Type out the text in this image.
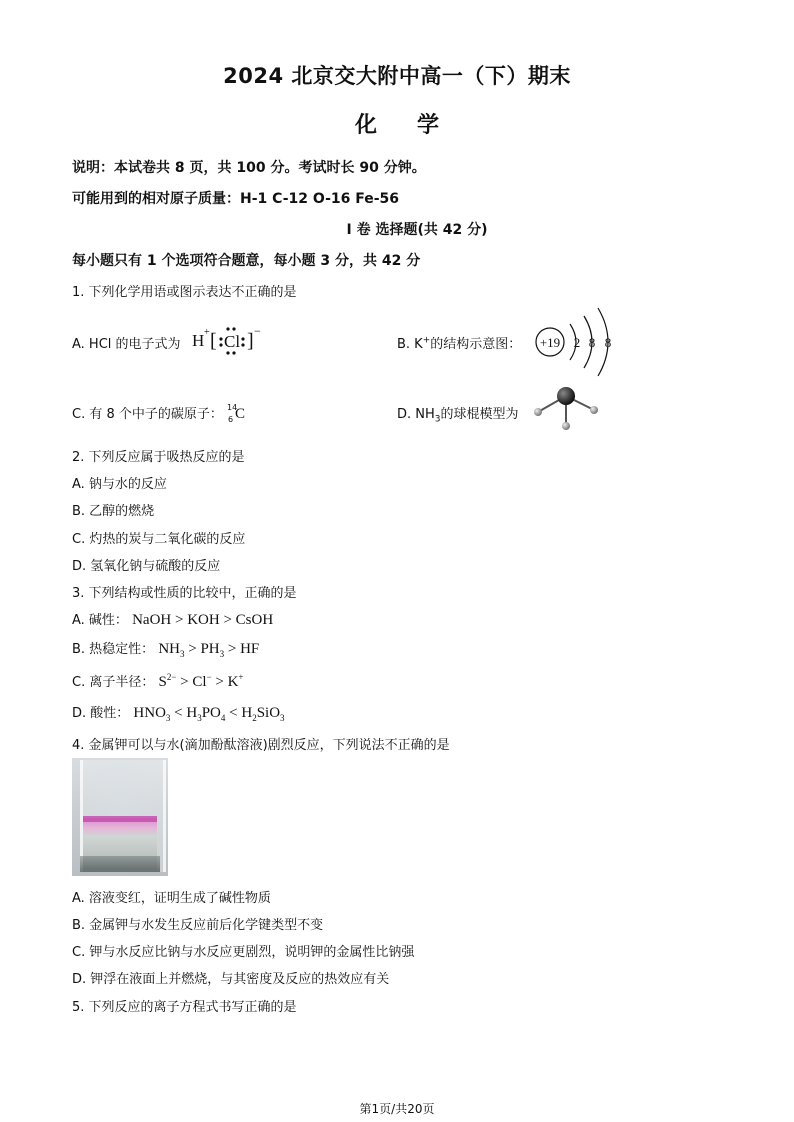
2024 北京交大附中高一（下）期末
化学
说明：本试卷共 8 页，共 100 分。考试时长 90 分钟。
可能用到的相对原子质量：H-1 C-12 O-16 Fe-56
I 卷 选择题(共 42 分)
每小题只有 1 个选项符合题意，每小题 3 分，共 42 分
1. 下列化学用语或图示表达不正确的是
A. HCl 的电子式为 H + [ Cl ] −
B. K+的结构示意图： +19 2 8 8
C. 有 8 个中子的碳原子： 14
6 C	D. $NH_3$的球棍模型为
2. 下列反应属于吸热反应的是
A. 钠与水的反应
B. 乙醇的燃烧
C. 灼热的炭与二氧化碳的反应
D. 氢氧化钠与硫酸的反应
3. 下列结构或性质的比较中，正确的是
A. 碱性： NaOH > KOH > CsOH
B. 热稳定性： $NH_3 > PH_3$ > HF
C. 离子半径： $S^{2-} > Cl^- > K^+$
D. 酸性： $HNO_3 < H_3PO_4 < H_2SiO_3$
4. 金属钾可以与水(滴加酚酞溶液)剧烈反应，下列说法不正确的是
A. 溶液变红，证明生成了碱性物质
B. 金属钾与水发生反应前后化学键类型不变
C. 钾与水反应比钠与水反应更剧烈，说明钾的金属性比钠强
D. 钾浮在液面上并燃烧，与其密度及反应的热效应有关
5. 下列反应的离子方程式书写正确的是
第1页/共20页
